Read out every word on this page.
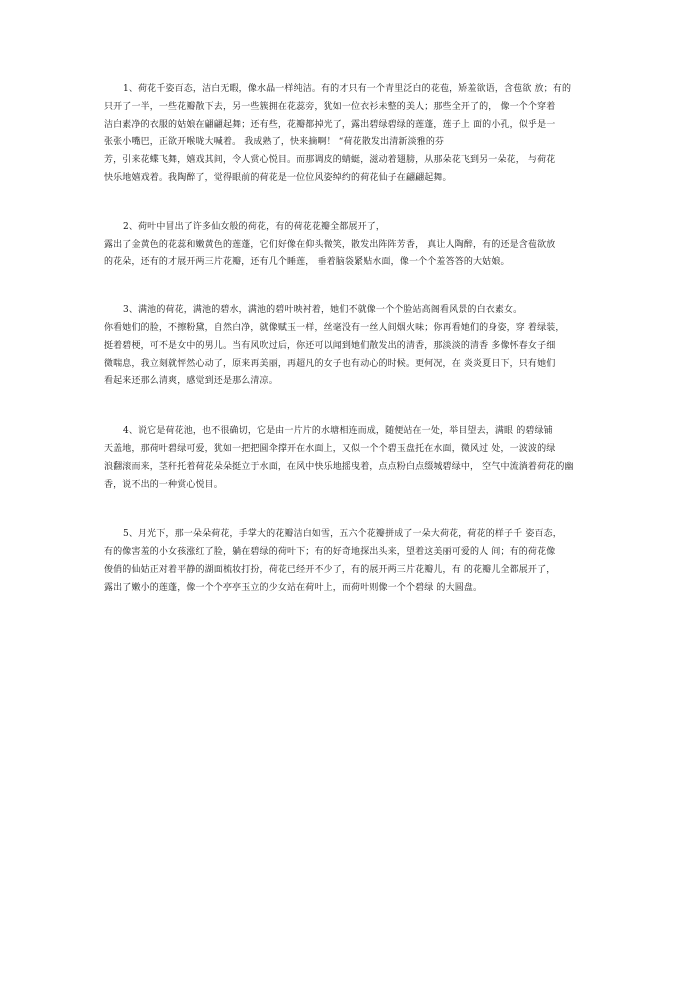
1、荷花千姿百态，洁白无暇，像水晶一样纯洁。有的才只有一个青里泛白的花苞，矫羞欲语，含苞欲 放；有的
只开了一半，一些花瓣散下去，另一些簇拥在花蕊旁，犹如一位衣衫未整的美人；那些全开了的， 像一个个穿着
洁白素净的衣服的姑娘在翩翩起舞；还有些，花瓣都掉光了，露出碧绿碧绿的莲蓬，莲子上 面的小孔，似乎是一
张张小嘴巴，正欲开喉咙大喊着。 我成熟了，快来摘啊！ “荷花散发出清新淡雅的芬
芳，引来花蝶飞舞，嬉戏其间，令人赏心悦目。而那调皮的蜻蜓，滋动着翅膀，从那朵花飞到另一朵花， 与荷花
快乐地嬉戏着。我陶醉了，觉得眼前的荷花是一位位风姿绰约的荷花仙子在翩翩起舞。

2、荷叶中冒出了许多仙女般的荷花，有的荷花花瓣全都展开了，
露出了金黄色的花蕊和嫩黄色的莲蓬，它们好像在仰头微笑，散发出阵阵芳香， 真让人陶醉，有的还是含苞欲放
的花朵，还有的才展开两三片花瓣，还有几个睡莲， 垂着脑袋紧贴水面，像一个个羞答答的大姑娘。

3、满池的荷花，满池的碧水，满池的碧叶映衬着，她们不就像一个个脸站高阁看风景的白衣素女。
你看她们的脸，不擦粉黛，自然白净，就像赋玉一样，丝毫没有一丝人间烟火味；你再看她们的身姿，穿 着绿装，
挺着碧梗，可不是女中的男儿。当有风吹过后，你还可以闻到她们散发出的清香，那淡淡的清香 多像怀春女子细
微喘息，我立刻就怦然心动了，原来再美丽，再超凡的女子也有动心的时候。更何况，在 炎炎夏日下，只有她们
看起来还那么清爽，感觉到还是那么清凉。

4、说它是荷花池，也不很确切，它是由一片片的水塘相连而成，随便站在一处，举目望去，满眼 的碧绿铺
天盖地，那荷叶碧绿可爱，犹如一把把圆伞撑开在水面上，又似一个个碧玉盘托在水面，微风过 处，一波波的绿
浪翻滚而来，茎秆托着荷花朵朵挺立于水面，在风中快乐地摇曳着，点点粉白点缀城碧绿中， 空气中流淌着荷花的幽
香，说不出的一种赏心悦目。

5、月光下，那一朵朵荷花，手掌大的花瓣洁白如雪，五六个花瓣拼成了一朵大荷花，荷花的样子千 姿百态，
有的像害羞的小女孩涨红了脸，躺在碧绿的荷叶下；有的好奇地探出头来，望着这美丽可爱的人 间；有的荷花像
俊俏的仙姑正对着平静的湖面梳妆打扮，荷花已经开不少了，有的展开两三片花瓣儿，有 的花瓣儿全都展开了，
露出了嫩小的莲蓬，像一个个亭亭玉立的少女站在荷叶上，而荷叶则像一个个碧绿 的大圆盘。
